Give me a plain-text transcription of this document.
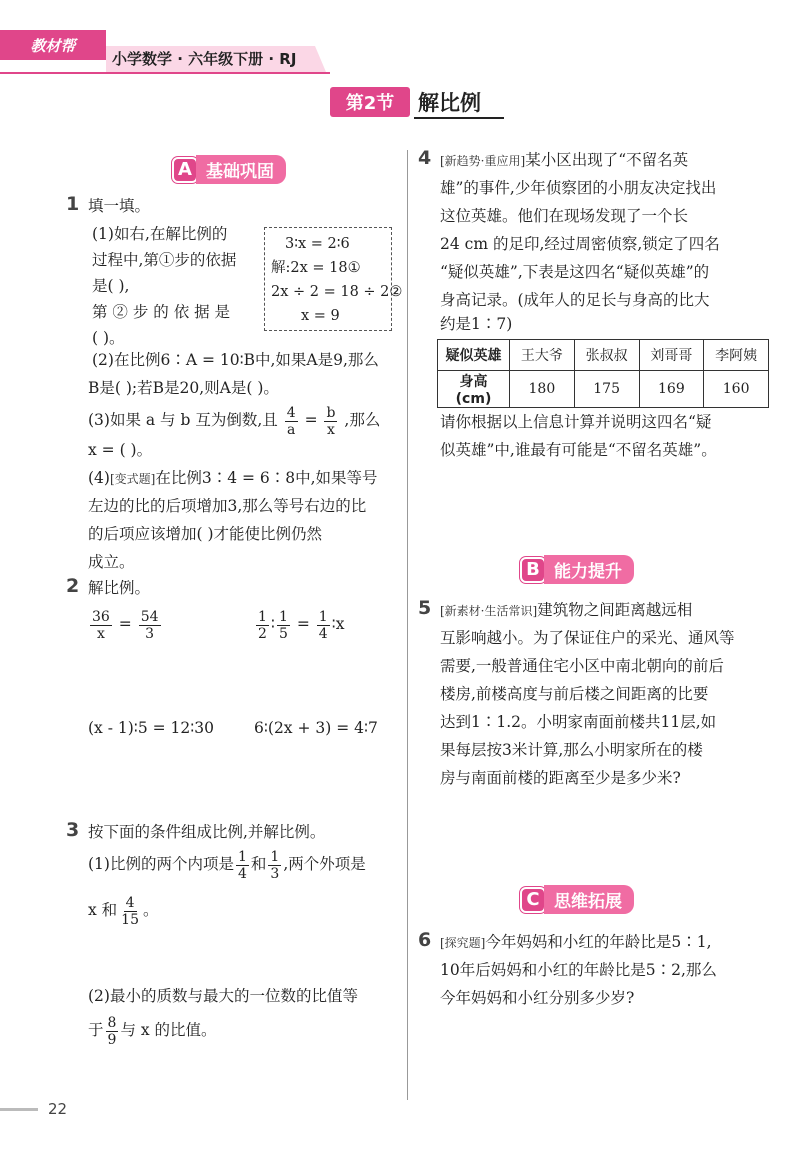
教材帮
小学数学 · 六年级下册 · RJ
第2节	解比例
A 基础巩固
1 填一填。
(1)如右,在解比例的
过程中,第①步的依据
是( ),
第 ② 步 的 依 据 是
( )。
3∶x = 2∶6
解:2x = 18①
2x ÷ 2 = 18 ÷ 2②
x = 9
(2)在比例6∶A = 10∶B中,如果A是9,那么
B是( );若B是20,则A是( )。
(3)如果 a 与 b 互为倒数,且 $\frac{4}{a} = \frac{b}{x}$ ,那么
x = ( )。
(4)[变式题]在比例3∶4 = 6∶8中,如果等号
左边的比的后项增加3,那么等号右边的比
的后项应该增加( )才能使比例仍然
成立。
2 解比例。
$\frac{36}{x} = \frac{54}{3}$	$\frac{1}{2}$ ∶ $\frac{1}{5} = \frac{1}{4}$ ∶x
(x - 1)∶5 = 12∶30	6∶(2x + 3) = 4∶7
3 按下面的条件组成比例,并解比例。
(1)比例的两个内项是 $\frac{1}{4}$ 和 $\frac{1}{3}$ ,两个外项是
x 和 $\frac{4}{15}$ 。
(2)最小的质数与最大的一位数的比值等
于 $\frac{8}{9}$ 与 x 的比值。
4 [新趋势·重应用]某小区出现了“不留名英
雄”的事件,少年侦察团的小朋友决定找出
这位英雄。他们在现场发现了一个长
24 cm 的足印,经过周密侦察,锁定了四名
“疑似英雄”,下表是这四名“疑似英雄”的
身高记录。(成年人的足长与身高的比大
约是1∶7)
疑似英雄	王大爷	张叔叔	刘哥哥	李阿姨
身高(cm)	180	175	169	160
请你根据以上信息计算并说明这四名“疑
似英雄”中,谁最有可能是“不留名英雄”。
B 能力提升
5 [新素材·生活常识]建筑物之间距离越远相
互影响越小。为了保证住户的采光、通风等
需要,一般普通住宅小区中南北朝向的前后
楼房,前楼高度与前后楼之间距离的比要
达到1∶1.2。小明家南面前楼共11层,如
果每层按3米计算,那么小明家所在的楼
房与南面前楼的距离至少是多少米?
C 思维拓展
6 [探究题]今年妈妈和小红的年龄比是5∶1,
10年后妈妈和小红的年龄比是5∶2,那么
今年妈妈和小红分别多少岁?
22
